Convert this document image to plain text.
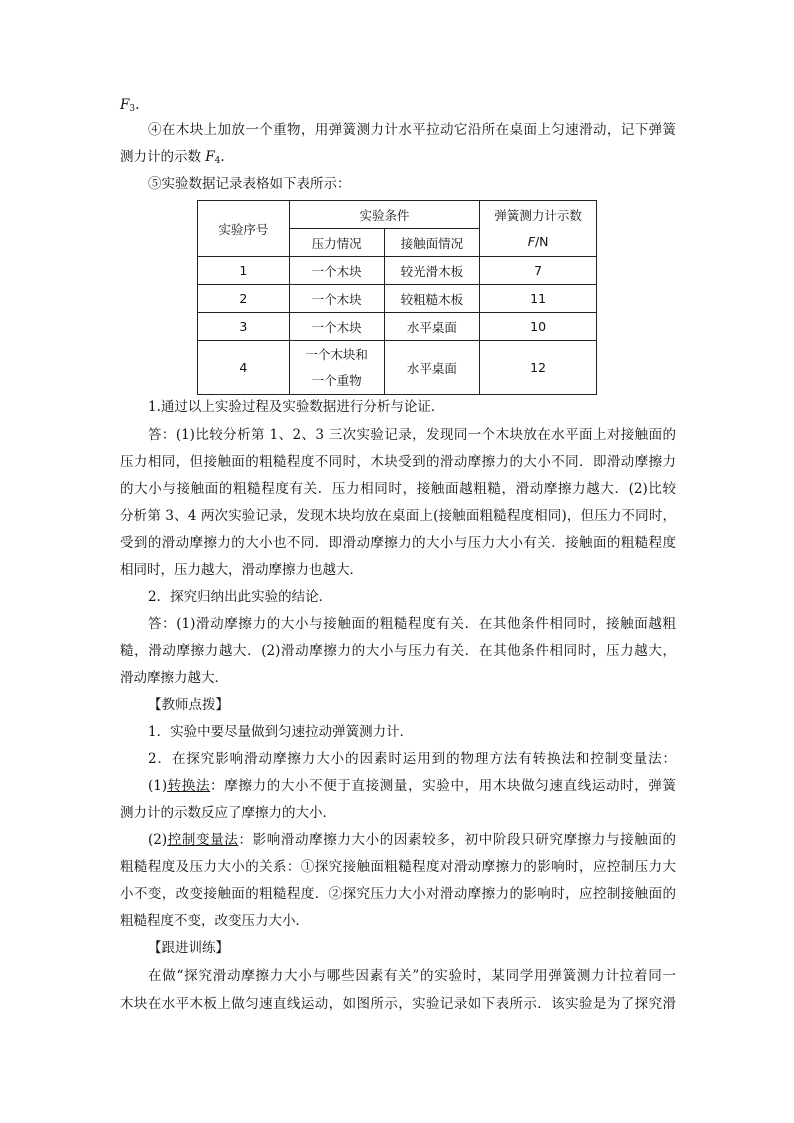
$F_3$.
④在木块上加放一个重物，用弹簧测力计水平拉动它沿所在桌面上匀速滑动，记下弹簧
测力计的示数 $F_4$.
⑤实验数据记录表格如下表所示：
实验序号	实验条件		弹簧测力计示数
F/N
	压力情况	接触面情况	
1	一个木块	较光滑木板	7
2	一个木块	较粗糙木板	11
3	一个木块	水平桌面	10
4	一个木块和
一个重物	水平桌面	12
1.通过以上实验过程及实验数据进行分析与论证．
答：(1)比较分析第 1、2、3 三次实验记录，发现同一个木块放在水平面上对接触面的
压力相同，但接触面的粗糙程度不同时，木块受到的滑动摩擦力的大小不同．即滑动摩擦力
的大小与接触面的粗糙程度有关．压力相同时，接触面越粗糙，滑动摩擦力越大．(2)比较
分析第 3、4 两次实验记录，发现木块均放在桌面上(接触面粗糙程度相同)，但压力不同时，
受到的滑动摩擦力的大小也不同．即滑动摩擦力的大小与压力大小有关．接触面的粗糙程度
相同时，压力越大，滑动摩擦力也越大．
2．探究归纳出此实验的结论．
答：(1)滑动摩擦力的大小与接触面的粗糙程度有关．在其他条件相同时，接触面越粗
糙，滑动摩擦力越大．(2)滑动摩擦力的大小与压力有关．在其他条件相同时，压力越大，
滑动摩擦力越大．
【教师点拨】
1．实验中要尽量做到匀速拉动弹簧测力计．
2．在探究影响滑动摩擦力大小的因素时运用到的物理方法有转换法和控制变量法：
(1)转换法：摩擦力的大小不便于直接测量，实验中，用木块做匀速直线运动时，弹簧
测力计的示数反应了摩擦力的大小．
(2)控制变量法：影响滑动摩擦力大小的因素较多，初中阶段只研究摩擦力与接触面的
粗糙程度及压力大小的关系：①探究接触面粗糙程度对滑动摩擦力的影响时，应控制压力大
小不变，改变接触面的粗糙程度．②探究压力大小对滑动摩擦力的影响时，应控制接触面的
粗糙程度不变，改变压力大小．
【跟进训练】
在做“探究滑动摩擦力大小与哪些因素有关”的实验时，某同学用弹簧测力计拉着同一
木块在水平木板上做匀速直线运动，如图所示，实验记录如下表所示．该实验是为了探究滑
